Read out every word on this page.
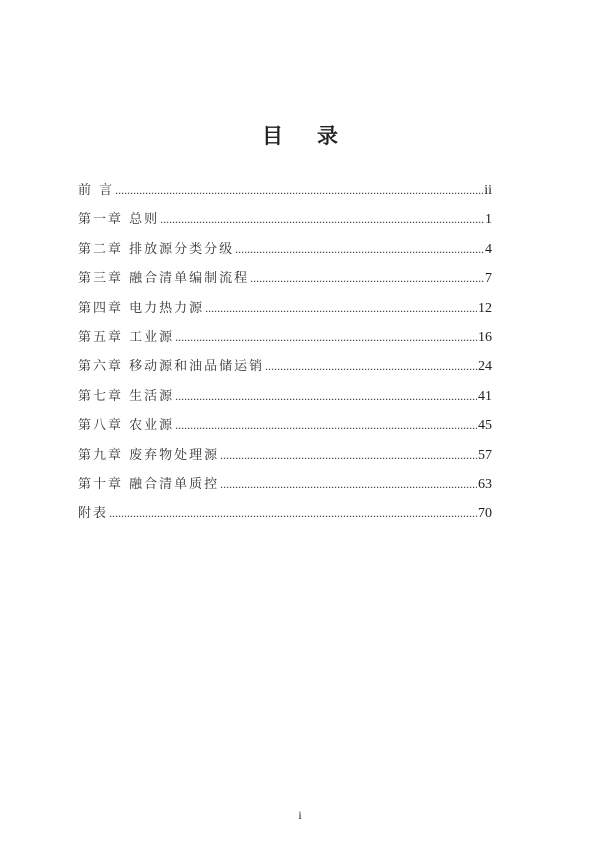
目 录
前 言 .....	ii
第一章 总则 .....	1
第二章 排放源分类分级 .....	4
第三章 融合清单编制流程 .....	7
第四章 电力热力源 .....	12
第五章 工业源 .....	16
第六章 移动源和油品储运销 .....	24
第七章 生活源 .....	41
第八章 农业源 .....	45
第九章 废弃物处理源 .....	57
第十章 融合清单质控 .....	63
附表 .....	70
i
